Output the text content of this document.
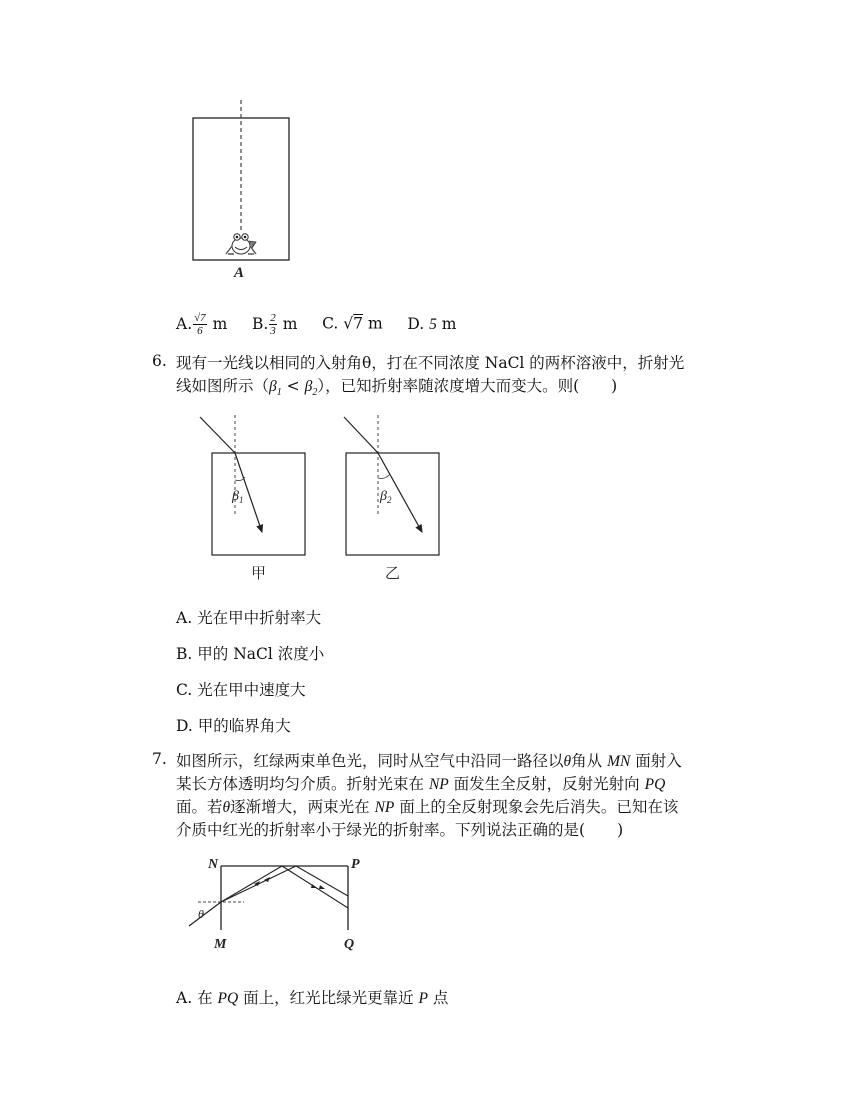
A
A. $\frac{√7}{6}$ m B. $\frac{2}{3}$ m C. √7 m D. 5 m
6. 现有一光线以相同的入射角θ，打在不同浓度 NaCl 的两杯溶液中，折射光
线如图所示$(\beta_1 < \beta_2)$，已知折射率随浓度增大而变大。则( )
$\beta_1$
甲
$\beta_2$
乙
A. 光在甲中折射率大
B. 甲的 NaCl 浓度小
C. 光在甲中速度大
D. 甲的临界角大
7. 如图所示，红绿两束单色光，同时从空气中沿同一路径以θ角从 MN 面射入
某长方体透明均匀介质。折射光束在 NP 面发生全反射，反射光射向 PQ
面。若θ逐渐增大，两束光在 NP 面上的全反射现象会先后消失。已知在该
介质中红光的折射率小于绿光的折射率。下列说法正确的是( )
θ
N	P
M	Q
A. 在 PQ 面上，红光比绿光更靠近 P 点
